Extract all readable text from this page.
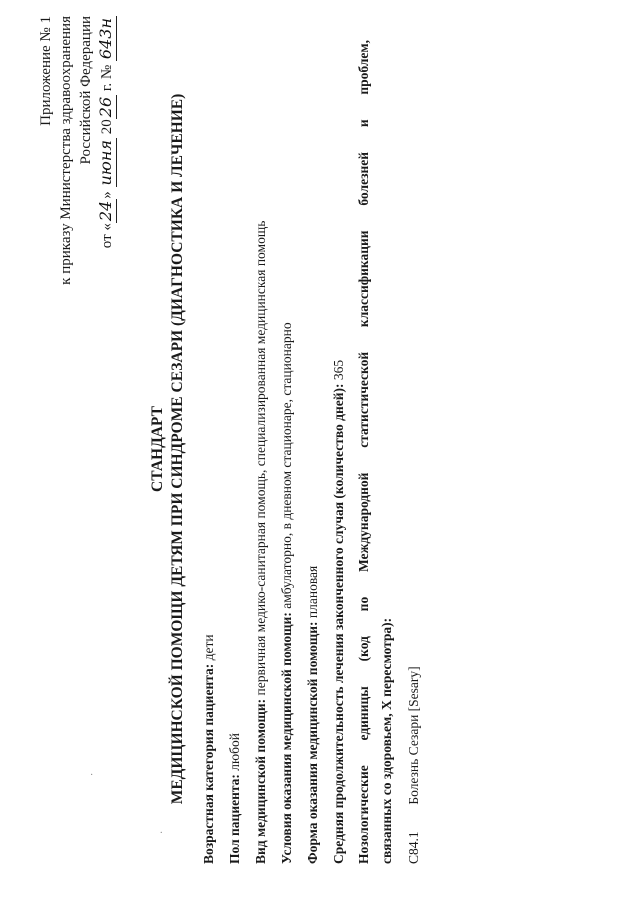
Приложение № 1 к приказу Министерства здравоохранения Российской Федерации
от «24» июня 2026 г. № 643н
СТАНДАРТ МЕДИЦИНСКОЙ ПОМОЩИ ДЕТЯМ ПРИ СИНДРОМЕ СЕЗАРИ (ДИАГНОСТИКА И ЛЕЧЕНИЕ)	Возрастная категория пациента: дети
Пол пациента: любой Вид медицинской помощи: первичная медико-санитарная помощь, специализированная медицинская помощь
Условия оказания медицинской помощи: амбулаторно, в дневном стационаре, стационарно
Форма оказания медицинской помощи: плановая Средняя продолжительность лечения законченного случая (количество дней): 365 Нозологические единицы (код по Международной статистической классификации болезней и проблем, связанных со здоровьем, X пересмотра): C84.1 Болезнь Сезари [Sesary]
·
.
